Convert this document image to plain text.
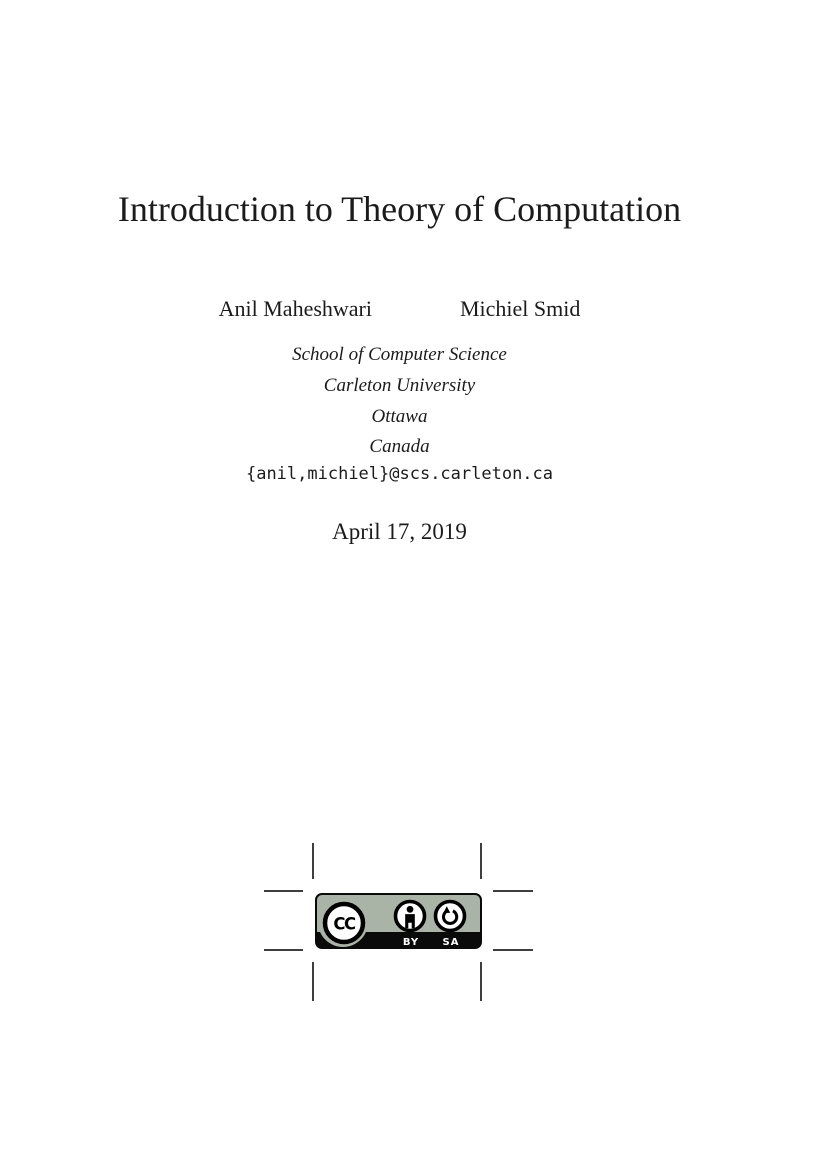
Introduction to Theory of Computation
Anil Maheshwari	Michiel Smid
School of Computer Science
Carleton University
Ottawa
Canada
{anil,michiel}@scs.carleton.ca
April 17, 2019
CC
BY	SA
